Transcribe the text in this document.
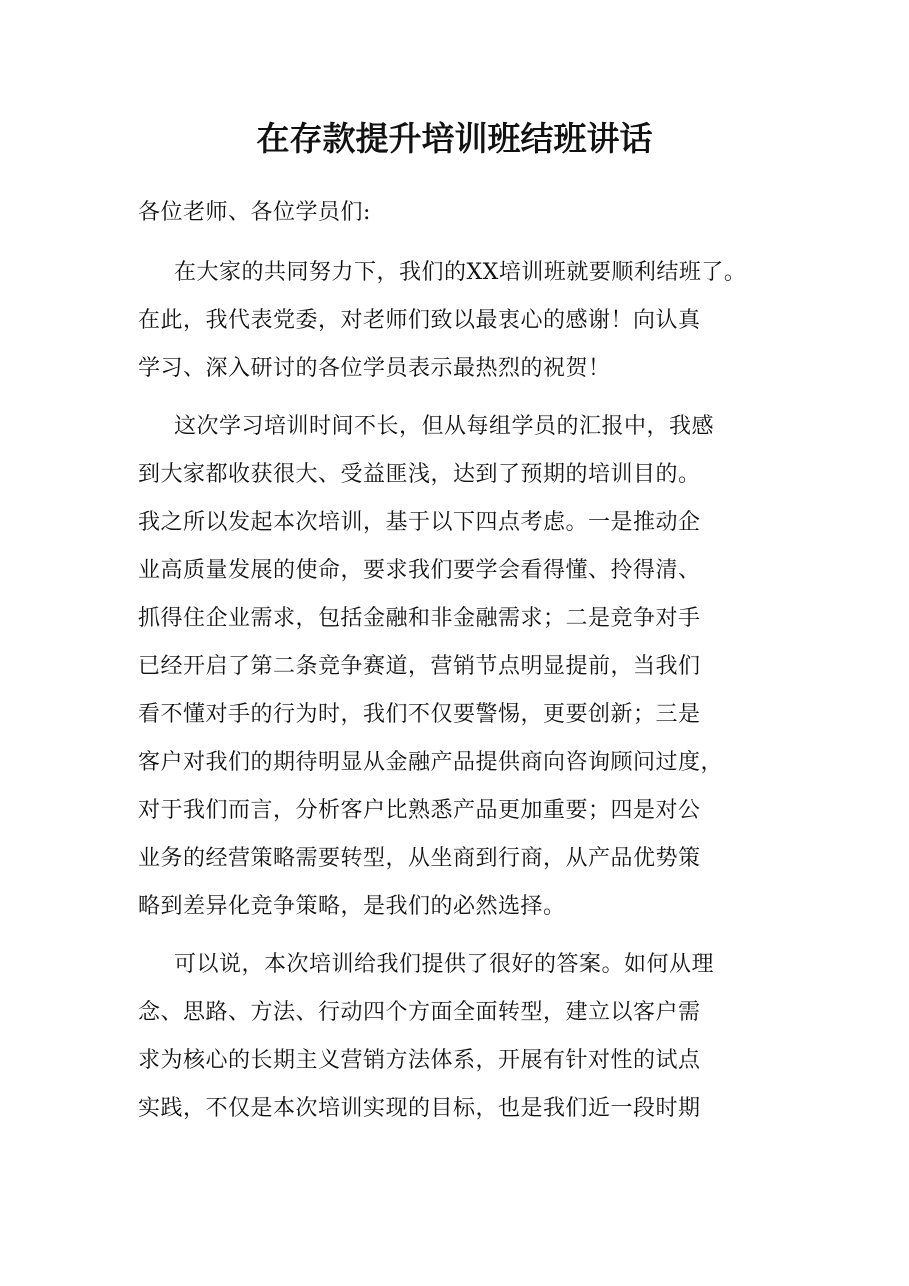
在存款提升培训班结班讲话
各位老师、各位学员们:
在大家的共同努力下，我们的XX培训班就要顺利结班了。
在此，我代表党委，对老师们致以最衷心的感谢！向认真
学习、深入研讨的各位学员表示最热烈的祝贺！
这次学习培训时间不长，但从每组学员的汇报中，我感
到大家都收获很大、受益匪浅，达到了预期的培训目的。
我之所以发起本次培训，基于以下四点考虑。一是推动企
业高质量发展的使命，要求我们要学会看得懂、拎得清、
抓得住企业需求，包括金融和非金融需求；二是竞争对手
已经开启了第二条竞争赛道，营销节点明显提前，当我们
看不懂对手的行为时，我们不仅要警惕，更要创新；三是
客户对我们的期待明显从金融产品提供商向咨询顾问过度，
对于我们而言，分析客户比熟悉产品更加重要；四是对公
业务的经营策略需要转型，从坐商到行商，从产品优势策
略到差异化竞争策略，是我们的必然选择。
可以说，本次培训给我们提供了很好的答案。如何从理
念、思路、方法、行动四个方面全面转型，建立以客户需
求为核心的长期主义营销方法体系，开展有针对性的试点
实践，不仅是本次培训实现的目标，也是我们近一段时期
